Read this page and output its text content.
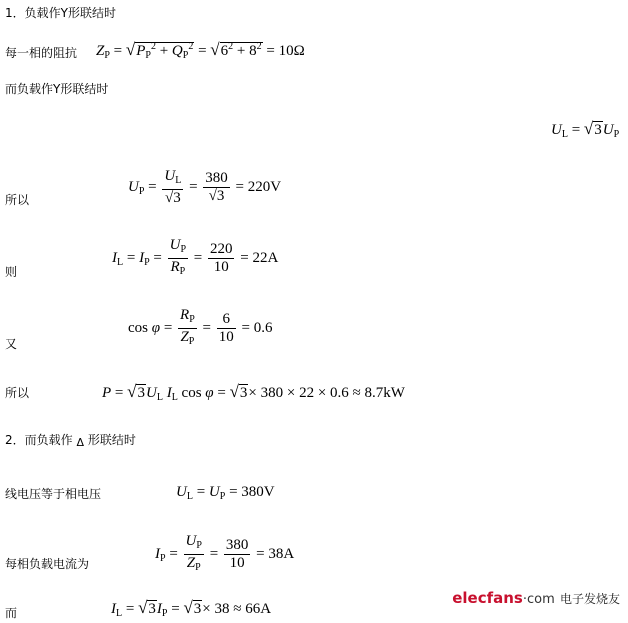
1．负载作Y形联结时
每一相的阻抗 $Z_P = √P_P^2 + Q_P^2 = √6^2 + 8^2 = 10\Omega$
而负载作Y形联结时
$U_L = √3U_P$
所以
$U_P = \frac{U_L}{√3} = \frac{380}{√3} = 220V$
则
$I_L = I_P = \frac{U_P}{R_P} = \frac{220}{10} = 22A$
又
$\cos \varphi = \frac{R_P}{Z_P} = \frac{6}{10} = 0.6$
所以	$P = √3U_L$ $I_L$ cos φ = √3× 380 × 22 × 0.6 ≈ 8.7kW
2．而负载作 Δ 形联结时
线电压等于相电压	$U_L = U_P = 380V$
每相负载电流为
$I_P = \frac{U_P}{Z_P} = \frac{380}{10} = 38A$
而	$I_L = √3I_P = √3\times 38 \approx 66A$
elecfans·com 电子发烧友
